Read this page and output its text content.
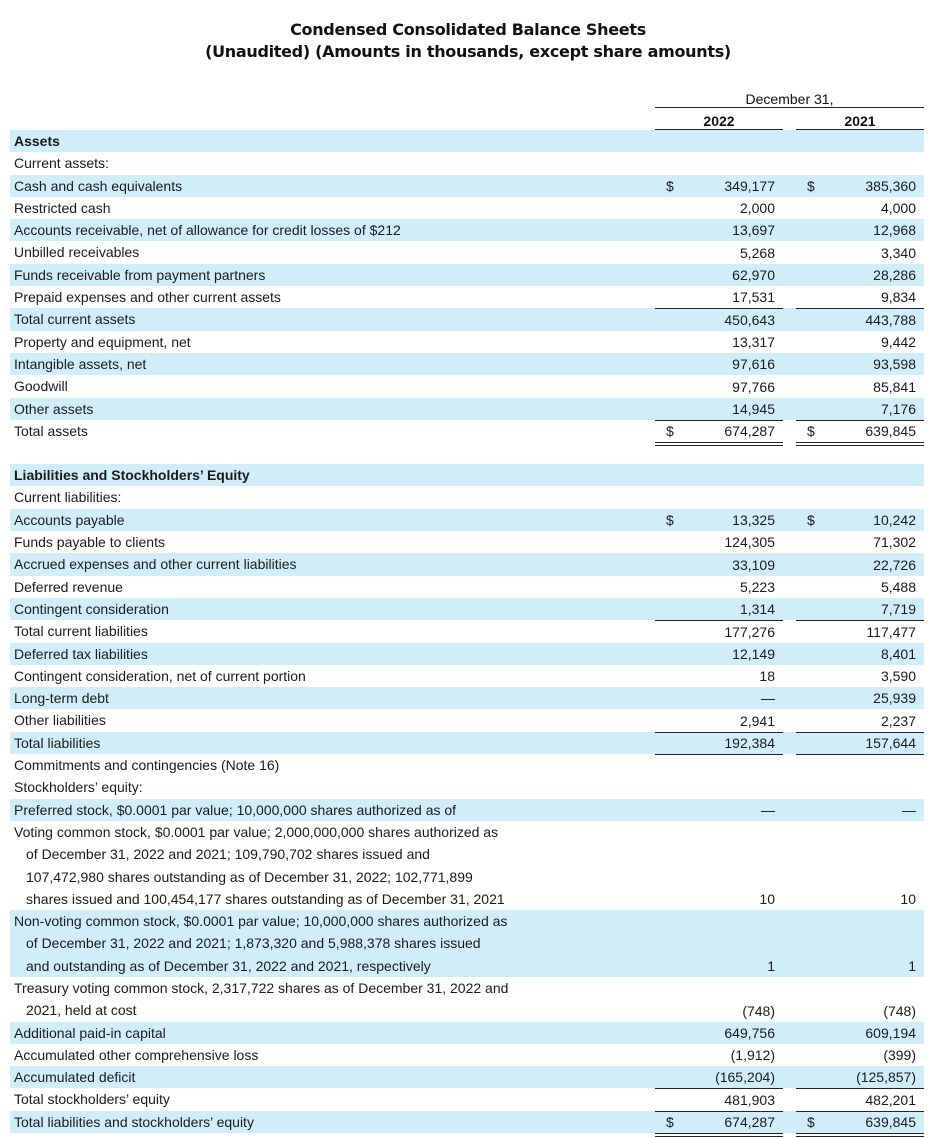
Condensed Consolidated Balance Sheets
(Unaudited) (Amounts in thousands, except share amounts)
December 31,
2022	2021
Assets
Current assets:
Cash and cash equivalents	$	349,177 $	385,360
Restricted cash	2,000	4,000
Accounts receivable, net of allowance for credit losses of $212	13,697	12,968
Unbilled receivables	5,268	3,340
Funds receivable from payment partners	62,970	28,286
Prepaid expenses and other current assets	17,531	9,834
Total current assets	450,643	443,788
Property and equipment, net	13,317	9,442
Intangible assets, net	97,616	93,598
Goodwill	97,766	85,841
Other assets	14,945	7,176
Total assets	$	674,287 $	639,845
Liabilities and Stockholders’ Equity
Current liabilities:
Accounts payable	$	13,325 $	10,242
Funds payable to clients	124,305	71,302
Accrued expenses and other current liabilities	33,109	22,726
Deferred revenue	5,223	5,488
Contingent consideration	1,314	7,719
Total current liabilities	177,276	117,477
Deferred tax liabilities	12,149	8,401
Contingent consideration, net of current portion	18	3,590
Long-term debt	—	25,939
Other liabilities	2,941	2,237
Total liabilities	192,384	157,644
Commitments and contingencies (Note 16)
Stockholders’ equity:
Preferred stock, $0.0001 par value; 10,000,000 shares authorized as of	—	—
Voting common stock, $0.0001 par value; 2,000,000,000 shares authorized as
of December 31, 2022 and 2021; 109,790,702 shares issued and
107,472,980 shares outstanding as of December 31, 2022; 102,771,899
shares issued and 100,454,177 shares outstanding as of December 31, 2021	10	10
Non-voting common stock, $0.0001 par value; 10,000,000 shares authorized as
of December 31, 2022 and 2021; 1,873,320 and 5,988,378 shares issued
and outstanding as of December 31, 2022 and 2021, respectively	1	1
Treasury voting common stock, 2,317,722 shares as of December 31, 2022 and
2021, held at cost	(748)	(748)
Additional paid-in capital	649,756	609,194
Accumulated other comprehensive loss	(1,912)	(399)
Accumulated deficit	(165,204)	(125,857)
Total stockholders’ equity	481,903	482,201
Total liabilities and stockholders’ equity	$	674,287 $	639,845
